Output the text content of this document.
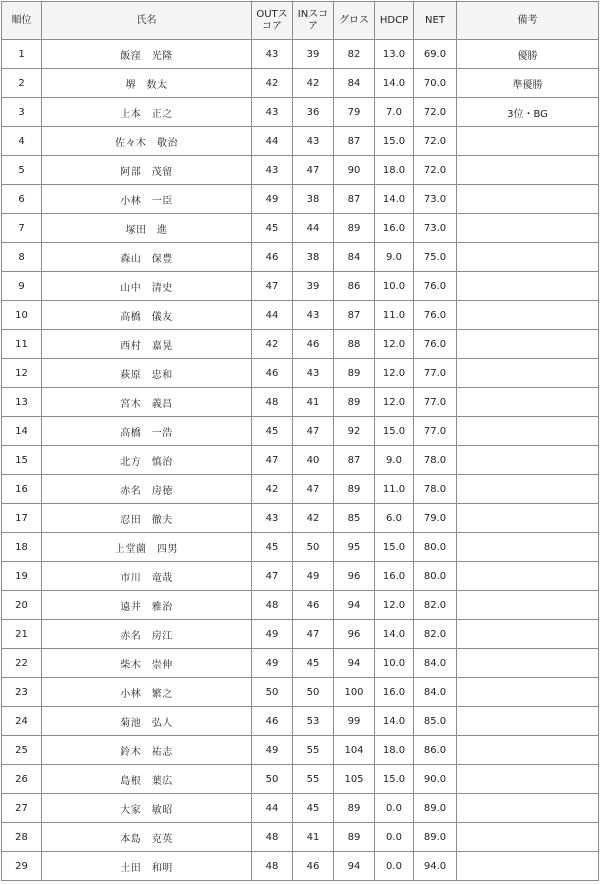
順位	氏名	OUTスコア	INスコア	グロス	HDCP	NET	備考
1	飯窪　光隆	43	39	82	13.0	69.0	優勝
2	堺　数太	42	42	84	14.0	70.0	準優勝
3	上本　正之	43	36	79	7.0	72.0	3位・BG
4	佐々木　敬治	44	43	87	15.0	72.0	
5	阿部　茂留	43	47	90	18.0	72.0	
6	小林　一臣	49	38	87	14.0	73.0	
7	塚田　進	45	44	89	16.0	73.0	
8	森山　保豊	46	38	84	9.0	75.0	
9	山中　清史	47	39	86	10.0	76.0	
10	高橋　儀友	44	43	87	11.0	76.0	
11	西村　嘉晃	42	46	88	12.0	76.0	
12	萩原　忠和	46	43	89	12.0	77.0	
13	宮木　義昌	48	41	89	12.0	77.0	
14	高橋　一浩	45	47	92	15.0	77.0	
15	北方　慎治	47	40	87	9.0	78.0	
16	赤名　房徳	42	47	89	11.0	78.0	
17	忍田　徹夫	43	42	85	6.0	79.0	
18	上堂薗　四男	45	50	95	15.0	80.0	
19	市川　竜哉	47	49	96	16.0	80.0	
20	遠井　雅治	48	46	94	12.0	82.0	
21	赤名　房江	49	47	96	14.0	82.0	
22	柴木　崇伸	49	45	94	10.0	84.0	
23	小林　繁之	50	50	100	16.0	84.0	
24	菊池　弘人	46	53	99	14.0	85.0	
25	鈴木　祐志	49	55	104	18.0	86.0	
26	島根　葉広	50	55	105	15.0	90.0	
27	大家　敏昭	44	45	89	0.0	89.0	
28	本島　克英	48	41	89	0.0	89.0	
29	土田　和明	48	46	94	0.0	94.0	
